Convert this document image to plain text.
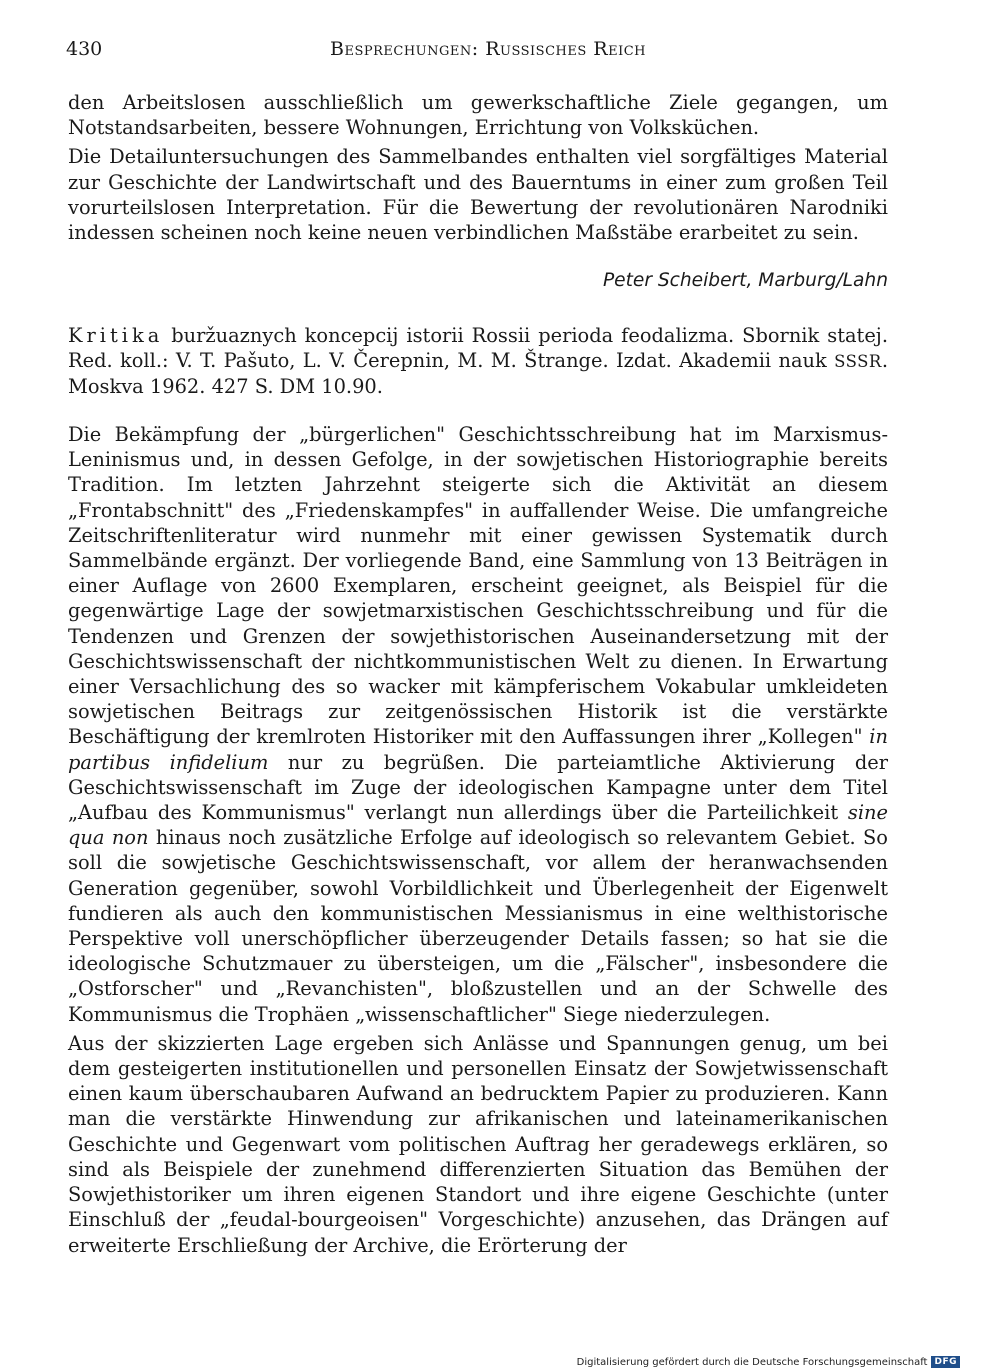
430	Besprechungen: Russisches Reich

den Arbeitslosen ausschließlich um gewerkschaftliche Ziele gegangen, um Notstandsarbeiten, bessere Wohnungen, Errichtung von Volksküchen.

Die Detailuntersuchungen des Sammelbandes enthalten viel sorgfältiges Material zur Geschichte der Landwirtschaft und des Bauerntums in einer zum großen Teil vorurteilslosen Interpretation. Für die Bewertung der revolutionären Narodniki indessen scheinen noch keine neuen verbindlichen Maßstäbe erarbeitet zu sein.

Peter Scheibert, Marburg/Lahn

Kritika buržuaznych koncepcij istorii Rossii perioda feodalizma. Sbornik statej. Red. koll.: V. T. Pašuto, L. V. Čerepnin, M. M. Štrange. Izdat. Akademii nauk SSSR. Moskva 1962. 427 S. DM 10.90.

Die Bekämpfung der „bürgerlichen" Geschichtsschreibung hat im Marxismus-Leninismus und, in dessen Gefolge, in der sowjetischen Historiographie bereits Tradition. Im letzten Jahrzehnt steigerte sich die Aktivität an diesem „Frontabschnitt" des „Friedenskampfes" in auffallender Weise. Die umfangreiche Zeitschriftenliteratur wird nunmehr mit einer gewissen Systematik durch Sammelbände ergänzt. Der vorliegende Band, eine Sammlung von 13 Beiträgen in einer Auflage von 2600 Exemplaren, erscheint geeignet, als Beispiel für die gegenwärtige Lage der sowjetmarxistischen Geschichtsschreibung und für die Tendenzen und Grenzen der sowjethistorischen Auseinandersetzung mit der Geschichtswissenschaft der nichtkommunistischen Welt zu dienen. In Erwartung einer Versachlichung des so wacker mit kämpferischem Vokabular umkleideten sowjetischen Beitrags zur zeitgenössischen Historik ist die verstärkte Beschäftigung der kremlroten Historiker mit den Auffassungen ihrer „Kollegen" in partibus infidelium nur zu begrüßen. Die parteiamtliche Aktivierung der Geschichtswissenschaft im Zuge der ideologischen Kampagne unter dem Titel „Aufbau des Kommunismus" verlangt nun allerdings über die Parteilichkeit sine qua non hinaus noch zusätzliche Erfolge auf ideologisch so relevantem Gebiet. So soll die sowjetische Geschichtswissenschaft, vor allem der heranwachsenden Generation gegenüber, sowohl Vorbildlichkeit und Überlegenheit der Eigenwelt fundieren als auch den kommunistischen Messianismus in eine welthistorische Perspektive voll unerschöpflicher überzeugender Details fassen; so hat sie die ideologische Schutzmauer zu übersteigen, um die „Fälscher", insbesondere die „Ostforscher" und „Revanchisten", bloßzustellen und an der Schwelle des Kommunismus die Trophäen „wissenschaftlicher" Siege niederzulegen.

Aus der skizzierten Lage ergeben sich Anlässe und Spannungen genug, um bei dem gesteigerten institutionellen und personellen Einsatz der Sowjetwissenschaft einen kaum überschaubaren Aufwand an bedrucktem Papier zu produzieren. Kann man die verstärkte Hinwendung zur afrikanischen und lateinamerikanischen Geschichte und Gegenwart vom politischen Auftrag her geradewegs erklären, so sind als Beispiele der zunehmend differenzierten Situation das Bemühen der Sowjethistoriker um ihren eigenen Standort und ihre eigene Geschichte (unter Einschluß der „feudal-bourgeoisen" Vorgeschichte) anzusehen, das Drängen auf erweiterte Erschließung der Archive, die Erörterung der

Digitalisierung gefördert durch die Deutsche Forschungsgemeinschaft DFG
